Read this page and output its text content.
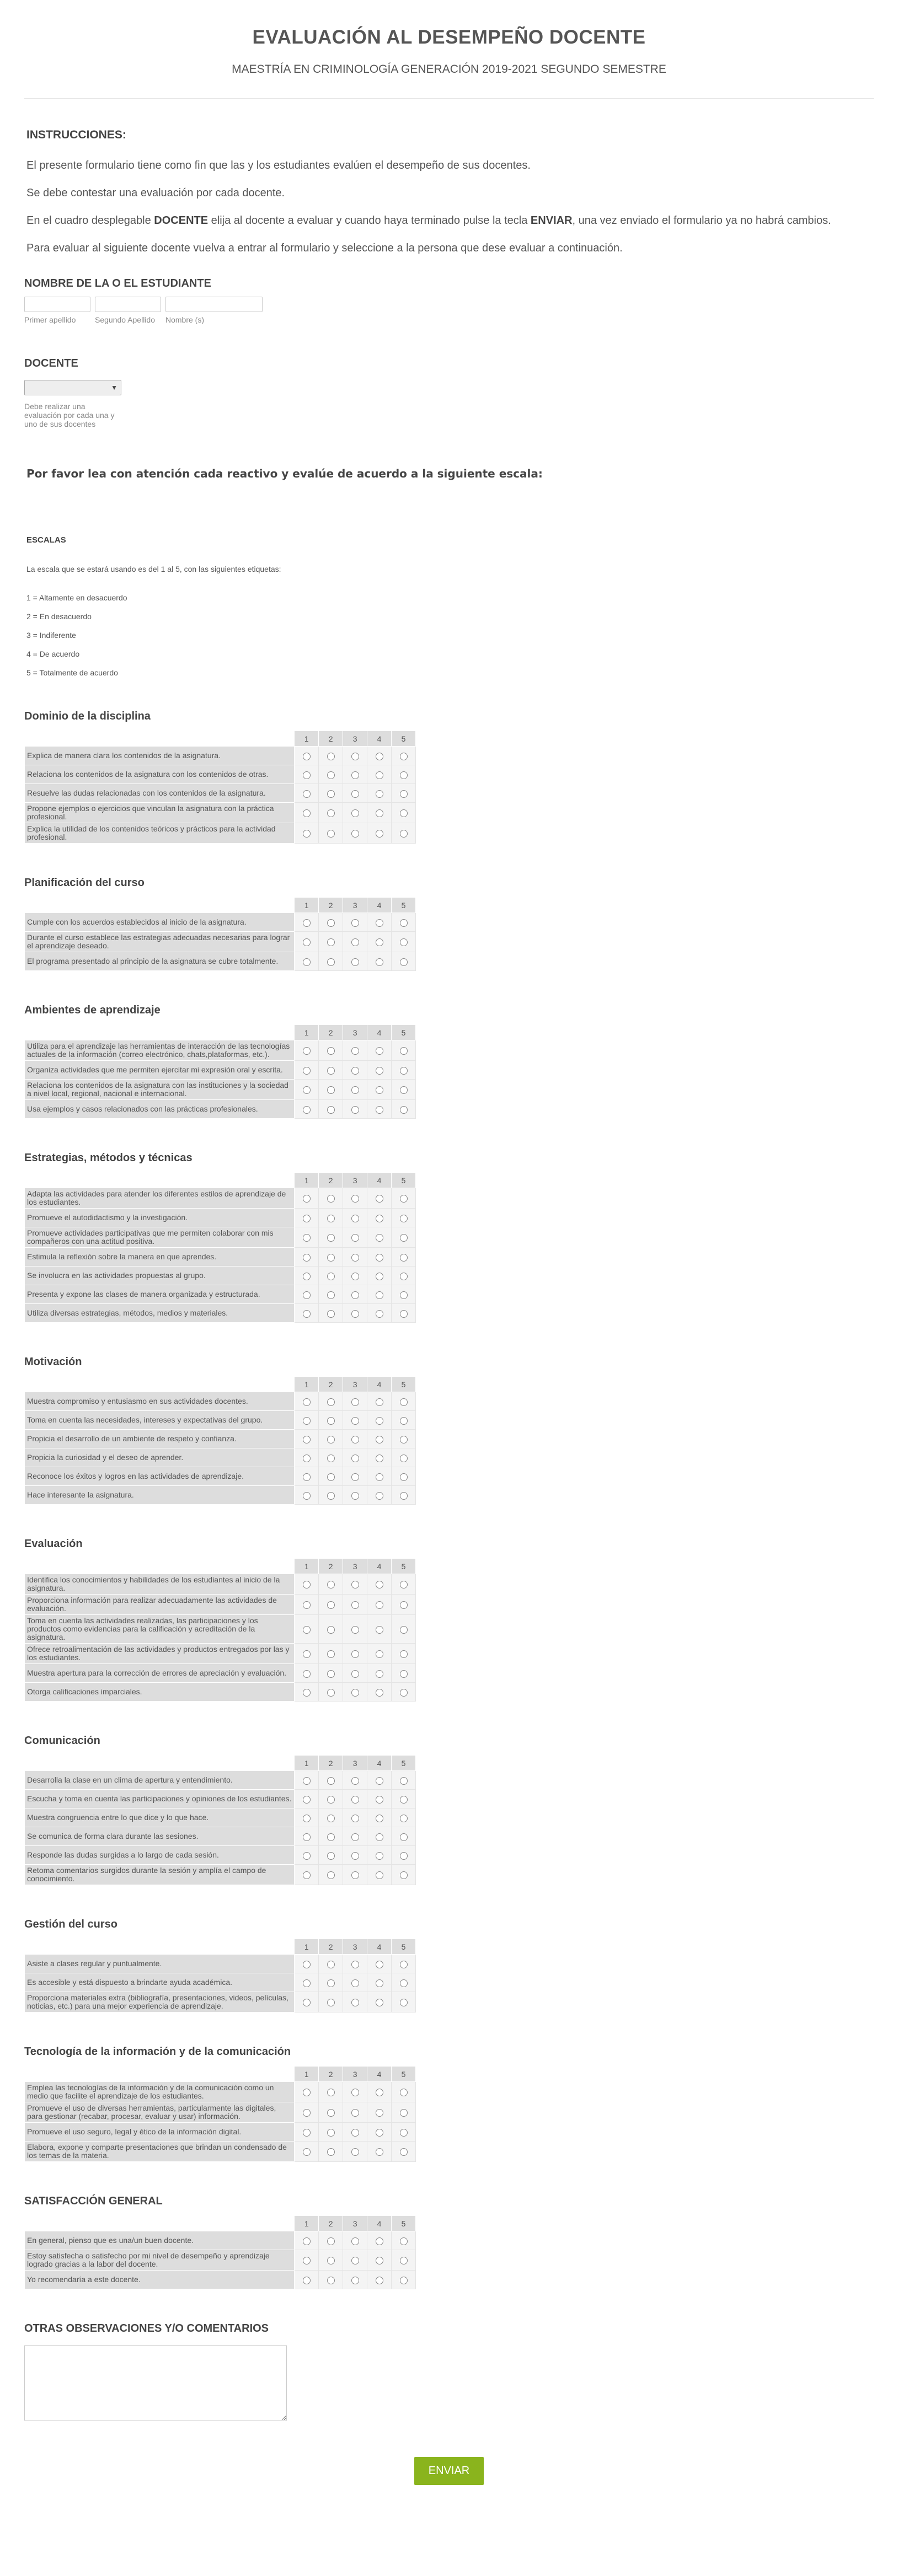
EVALUACIÓN AL DESEMPEÑO DOCENTE
MAESTRÍA EN CRIMINOLOGÍA GENERACIÓN 2019-2021 SEGUNDO SEMESTRE
INSTRUCCIONES:

El presente formulario tiene como fin que las y los estudiantes evalúen el desempeño de sus docentes.

Se debe contestar una evaluación por cada docente.

En el cuadro desplegable DOCENTE elija al docente a evaluar y cuando haya terminado pulse la tecla ENVIAR, una vez enviado el formulario ya no habrá cambios.

Para evaluar al siguiente docente vuelva a entrar al formulario y seleccione a la persona que dese evaluar a continuación.

NOMBRE DE LA O EL ESTUDIANTE
Primer apellido	Segundo Apellido	Nombre (s)
DOCENTE
▼
Debe realizar una evaluación por cada una y uno de sus docentes
Por favor lea con atención cada reactivo y evalúe de acuerdo a la siguiente escala:
ESCALAS
La escala que se estará usando es del 1 al 5, con las siguientes etiquetas:
1 = Altamente en desacuerdo
2 = En desacuerdo
3 = Indiferente
4 = De acuerdo
5 = Totalmente de acuerdo
Dominio de la disciplina
	1	2	3	4	5
Explica de manera clara los contenidos de la asignatura.					
Relaciona los contenidos de la asignatura con los contenidos de otras.					
Resuelve las dudas relacionadas con los contenidos de la asignatura.					
Propone ejemplos o ejercicios que vinculan la asignatura con la práctica profesional.					
Explica la utilidad de los contenidos teóricos y prácticos para la actividad profesional.					
Planificación del curso
	1	2	3	4	5
Cumple con los acuerdos establecidos al inicio de la asignatura.					
Durante el curso establece las estrategias adecuadas necesarias para lograr el aprendizaje deseado.					
El programa presentado al principio de la asignatura se cubre totalmente.					
Ambientes de aprendizaje
	1	2	3	4	5
Utiliza para el aprendizaje las herramientas de interacción de las tecnologías actuales de la información (correo electrónico, chats,plataformas, etc.).					
Organiza actividades que me permiten ejercitar mi expresión oral y escrita.					
Relaciona los contenidos de la asignatura con las instituciones y la sociedad a nivel local, regional, nacional e internacional.					
Usa ejemplos y casos relacionados con las prácticas profesionales.					
Estrategias, métodos y técnicas
	1	2	3	4	5
Adapta las actividades para atender los diferentes estilos de aprendizaje de los estudiantes.					
Promueve el autodidactismo y la investigación.					
Promueve actividades participativas que me permiten colaborar con mis compañeros con una actitud positiva.					
Estimula la reflexión sobre la manera en que aprendes.					
Se involucra en las actividades propuestas al grupo.					
Presenta y expone las clases de manera organizada y estructurada.					
Utiliza diversas estrategias, métodos, medios y materiales.					
Motivación
	1	2	3	4	5
Muestra compromiso y entusiasmo en sus actividades docentes.					
Toma en cuenta las necesidades, intereses y expectativas del grupo.					
Propicia el desarrollo de un ambiente de respeto y confianza.					
Propicia la curiosidad y el deseo de aprender.					
Reconoce los éxitos y logros en las actividades de aprendizaje.					
Hace interesante la asignatura.					
Evaluación
	1	2	3	4	5
Identifica los conocimientos y habilidades de los estudiantes al inicio de la asignatura.					
Proporciona información para realizar adecuadamente las actividades de evaluación.					
Toma en cuenta las actividades realizadas, las participaciones y los productos como evidencias para la calificación y acreditación de la asignatura.					
Ofrece retroalimentación de las actividades y productos entregados por las y los estudiantes.					
Muestra apertura para la corrección de errores de apreciación y evaluación.					
Otorga calificaciones imparciales.					
Comunicación
	1	2	3	4	5
Desarrolla la clase en un clima de apertura y entendimiento.					
Escucha y toma en cuenta las participaciones y opiniones de los estudiantes.					
Muestra congruencia entre lo que dice y lo que hace.					
Se comunica de forma clara durante las sesiones.					
Responde las dudas surgidas a lo largo de cada sesión.					
Retoma comentarios surgidos durante la sesión y amplía el campo de conocimiento.					
Gestión del curso
	1	2	3	4	5
Asiste a clases regular y puntualmente.					
Es accesible y está dispuesto a brindarte ayuda académica.					
Proporciona materiales extra (bibliografía, presentaciones, videos, películas, noticias, etc.) para una mejor experiencia de aprendizaje.					
Tecnología de la información y de la comunicación
	1	2	3	4	5
Emplea las tecnologías de la información y de la comunicación como un medio que facilite el aprendizaje de los estudiantes.					
Promueve el uso de diversas herramientas, particularmente las digitales, para gestionar (recabar, procesar, evaluar y usar) información.					
Promueve el uso seguro, legal y ético de la información digital.					
Elabora, expone y comparte presentaciones que brindan un condensado de los temas de la materia.					
SATISFACCIÓN GENERAL
	1	2	3	4	5
En general, pienso que es una/un buen docente.					
Estoy satisfecha o satisfecho por mi nivel de desempeño y aprendizaje logrado gracias a la labor del docente.					
Yo recomendaría a este docente.					
OTRAS OBSERVACIONES Y/O COMENTARIOS
ENVIAR
